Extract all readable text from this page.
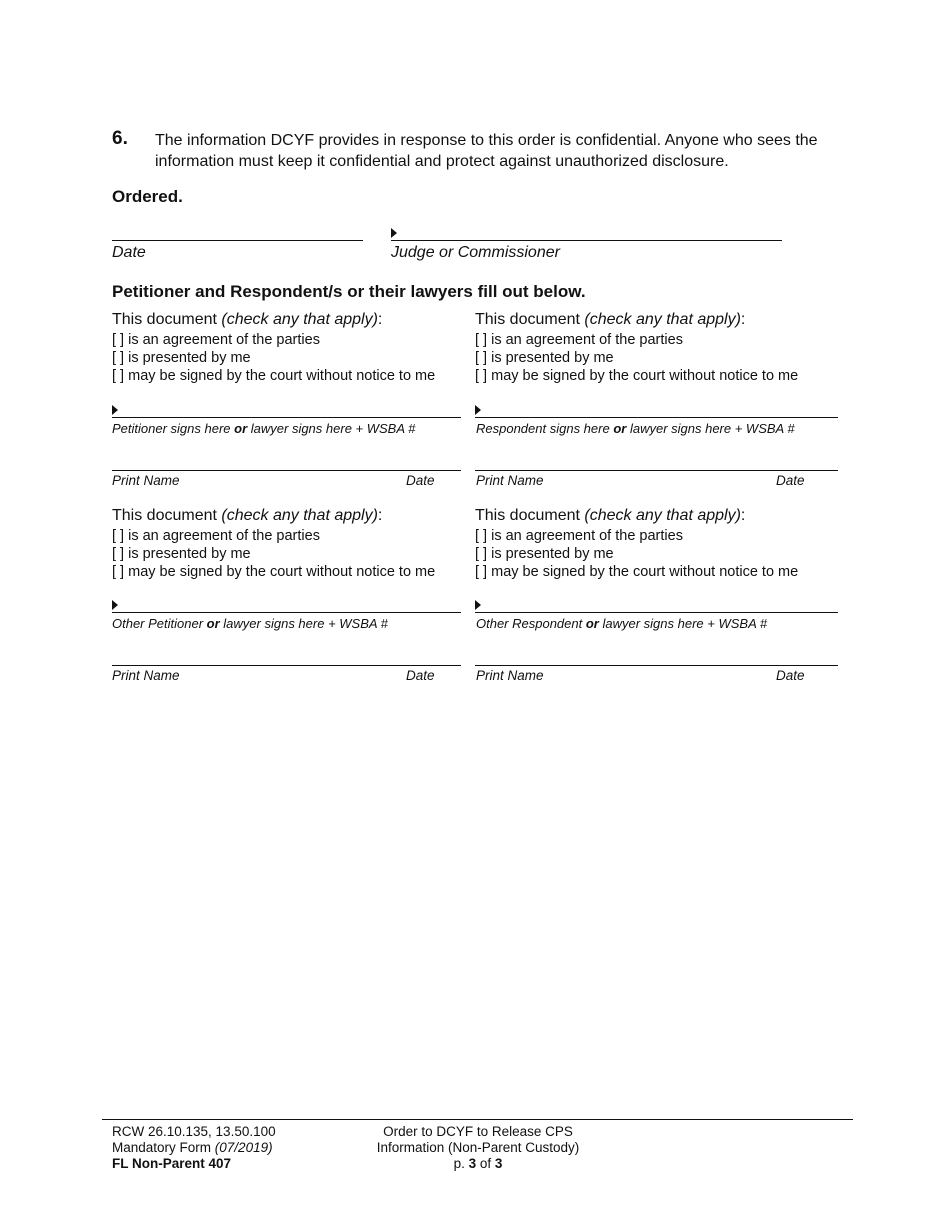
6. The information DCYF provides in response to this order is confidential. Anyone who sees the information must keep it confidential and protect against unauthorized disclosure.
Ordered.
Date	Judge or Commissioner
Petitioner and Respondent/s or their lawyers fill out below.
This document (check any that apply):
[ ] is an agreement of the parties
[ ] is presented by me
[ ] may be signed by the court without notice to me
Petitioner signs here or lawyer signs here + WSBA #
Print Name	Date
This document (check any that apply):
[ ] is an agreement of the parties
[ ] is presented by me
[ ] may be signed by the court without notice to me
Respondent signs here or lawyer signs here + WSBA #
Print Name	Date
This document (check any that apply):
[ ] is an agreement of the parties
[ ] is presented by me
[ ] may be signed by the court without notice to me
Other Petitioner or lawyer signs here + WSBA #
Print Name	Date
This document (check any that apply):
[ ] is an agreement of the parties
[ ] is presented by me
[ ] may be signed by the court without notice to me
Other Respondent or lawyer signs here + WSBA #
Print Name	Date
RCW 26.10.135, 13.50.100
Mandatory Form (07/2019)
FL Non-Parent 407
Order to DCYF to Release CPS
Information (Non-Parent Custody)
p. 3 of 3
